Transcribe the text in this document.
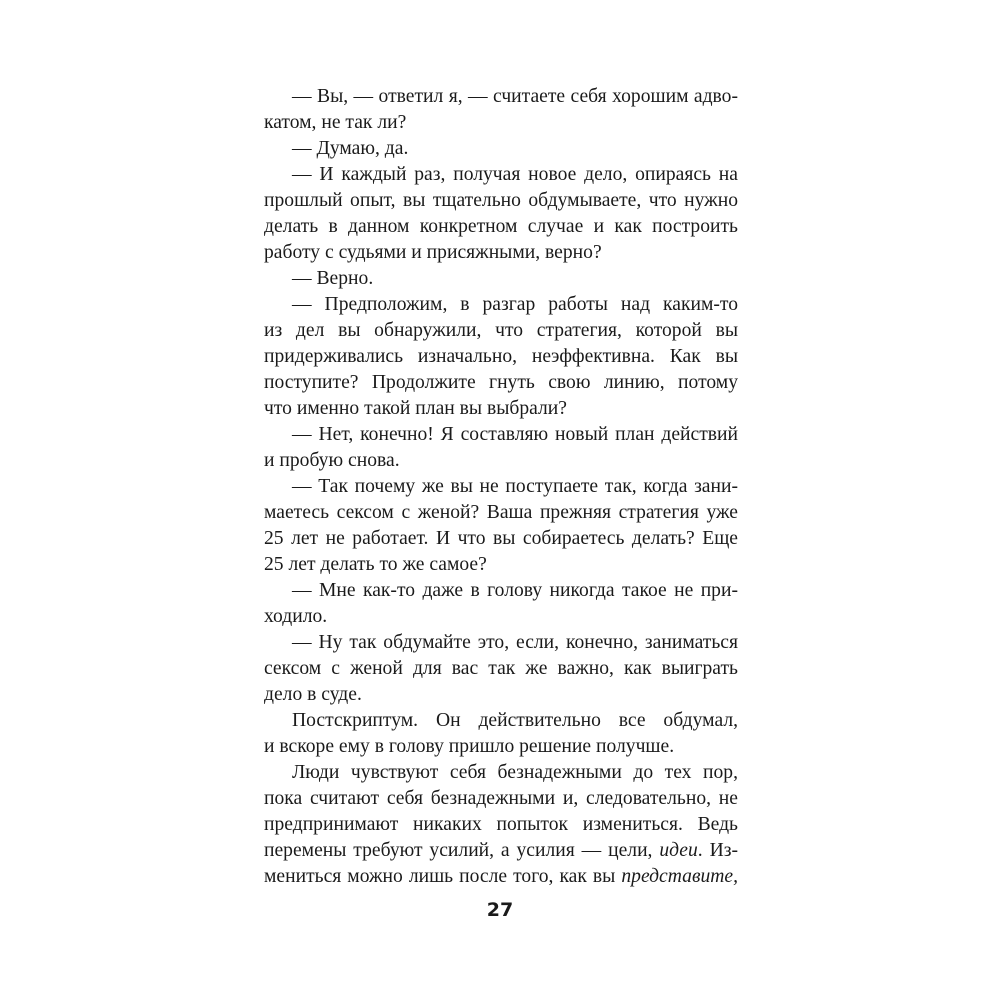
— Вы, — ответил я, — считаете себя хорошим адво-
катом, не так ли?
— Думаю, да.
— И каждый раз, получая новое дело, опираясь на
прошлый опыт, вы тщательно обдумываете, что нужно
делать в данном конкретном случае и как построить
работу с судьями и присяжными, верно?
— Верно.
— Предположим, в разгар работы над каким-то
из дел вы обнаружили, что стратегия, которой вы
придерживались изначально, неэффективна. Как вы
поступите? Продолжите гнуть свою линию, потому
что именно такой план вы выбрали?
— Нет, конечно! Я составляю новый план действий
и пробую снова.
— Так почему же вы не поступаете так, когда зани-
маетесь сексом с женой? Ваша прежняя стратегия уже
25 лет не работает. И что вы собираетесь делать? Еще
25 лет делать то же самое?
— Мне как-то даже в голову никогда такое не при-
ходило.
— Ну так обдумайте это, если, конечно, заниматься
сексом с женой для вас так же важно, как выиграть
дело в суде.
Постскриптум. Он действительно все обдумал,
и вскоре ему в голову пришло решение получше.
Люди чувствуют себя безнадежными до тех пор,
пока считают себя безнадежными и, следовательно, не
предпринимают никаких попыток измениться. Ведь
перемены требуют усилий, а усилия — цели, идеи. Из-
мениться можно лишь после того, как вы представите,
27
